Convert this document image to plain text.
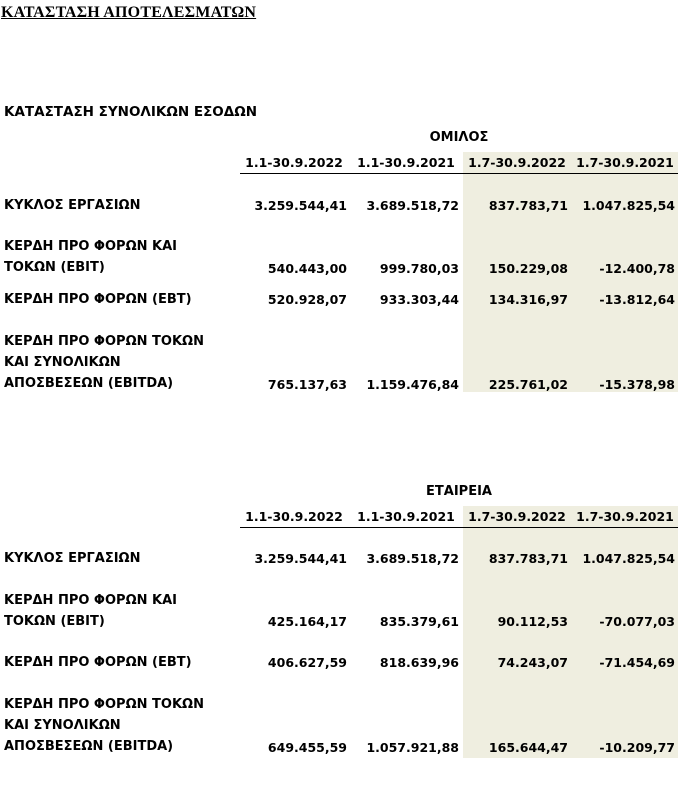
ΚΑΤΑΣΤΑΣΗ ΑΠΟΤΕΛΕΣΜΑΤΩΝ
ΚΑΤΑΣΤΑΣΗ ΣΥΝΟΛΙΚΩΝ ΕΣΟΔΩΝ
ΟΜΙΛΟΣ
1.1-30.9.2022	1.1-30.9.2021	1.7-30.9.2022 1.7-30.9.2021
ΚΥΚΛΟΣ ΕΡΓΑΣΙΩΝ	3.259.544,41 3.689.518,72 837.783,71 1.047.825,54
ΚΕΡΔΗ ΠΡΟ ΦΟΡΩΝ ΚΑΙ
ΤΟΚΩΝ (EBIT)	540.443,00	999.780,03 150.229,08	-12.400,78
ΚΕΡΔΗ ΠΡΟ ΦΟΡΩΝ (EBT)	520.928,07	933.303,44 134.316,97	-13.812,64
ΚΕΡΔΗ ΠΡΟ ΦΟΡΩΝ ΤΟΚΩΝ
ΚΑΙ ΣΥΝΟΛΙΚΩΝ
ΑΠΟΣΒΕΣΕΩΝ (EBITDA)	765.137,63 1.159.476,84 225.761,02	-15.378,98
ΕΤΑΙΡΕΙΑ
1.1-30.9.2022	1.1-30.9.2021	1.7-30.9.2022 1.7-30.9.2021
ΚΥΚΛΟΣ ΕΡΓΑΣΙΩΝ	3.259.544,41 3.689.518,72 837.783,71 1.047.825,54
ΚΕΡΔΗ ΠΡΟ ΦΟΡΩΝ ΚΑΙ
ΤΟΚΩΝ (EBIT)	425.164,17	835.379,61	90.112,53	-70.077,03
ΚΕΡΔΗ ΠΡΟ ΦΟΡΩΝ (EBT)	406.627,59	818.639,96	74.243,07	-71.454,69
ΚΕΡΔΗ ΠΡΟ ΦΟΡΩΝ ΤΟΚΩΝ
ΚΑΙ ΣΥΝΟΛΙΚΩΝ
ΑΠΟΣΒΕΣΕΩΝ (EBITDA)	649.455,59 1.057.921,88 165.644,47	-10.209,77
